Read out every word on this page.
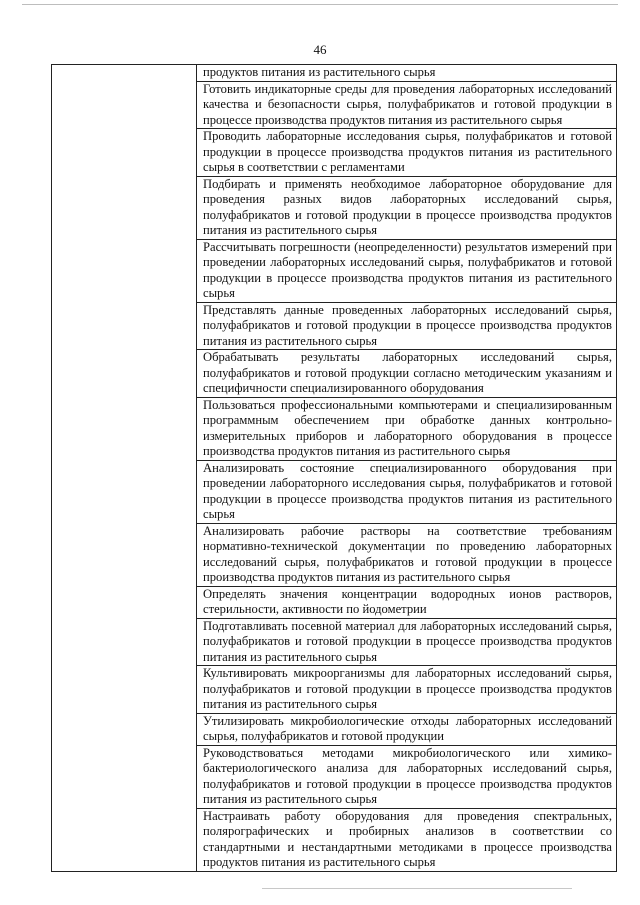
46

продуктов питания из растительного сырья
Готовить индикаторные среды для проведения лабораторных исследований качества и безопасности сырья, полуфабрикатов и готовой продукции в процессе производства продуктов питания из растительного сырья
Проводить лабораторные исследования сырья, полуфабрикатов и готовой продукции в процессе производства продуктов питания из растительного сырья в соответствии с регламентами
Подбирать и применять необходимое лабораторное оборудование для проведения разных видов лабораторных исследований сырья, полуфабрикатов и готовой продукции в процессе производства продуктов питания из растительного сырья
Рассчитывать погрешности (неопределенности) результатов измерений при проведении лабораторных исследований сырья, полуфабрикатов и готовой продукции в процессе производства продуктов питания из растительного сырья
Представлять данные проведенных лабораторных исследований сырья, полуфабрикатов и готовой продукции в процессе производства продуктов питания из растительного сырья
Обрабатывать результаты лабораторных исследований сырья, полуфабрикатов и готовой продукции согласно методическим указаниям и специфичности специализированного оборудования
Пользоваться профессиональными компьютерами и специализированным программным обеспечением при обработке данных контрольно-измерительных приборов и лабораторного оборудования в процессе производства продуктов питания из растительного сырья
Анализировать состояние специализированного оборудования при проведении лабораторного исследования сырья, полуфабрикатов и готовой продукции в процессе производства продуктов питания из растительного сырья
Анализировать рабочие растворы на соответствие требованиям нормативно-технической документации по проведению лабораторных исследований сырья, полуфабрикатов и готовой продукции в процессе производства продуктов питания из растительного сырья
Определять значения концентрации водородных ионов растворов, стерильности, активности по йодометрии
Подготавливать посевной материал для лабораторных исследований сырья, полуфабрикатов и готовой продукции в процессе производства продуктов питания из растительного сырья
Культивировать микроорганизмы для лабораторных исследований сырья, полуфабрикатов и готовой продукции в процессе производства продуктов питания из растительного сырья
Утилизировать микробиологические отходы лабораторных исследований сырья, полуфабрикатов и готовой продукции
Руководствоваться методами микробиологического или химико-бактериологического анализа для лабораторных исследований сырья, полуфабрикатов и готовой продукции в процессе производства продуктов питания из растительного сырья
Настраивать работу оборудования для проведения спектральных, полярографических и пробирных анализов в соответствии со стандартными и нестандартными методиками в процессе производства продуктов питания из растительного сырья
